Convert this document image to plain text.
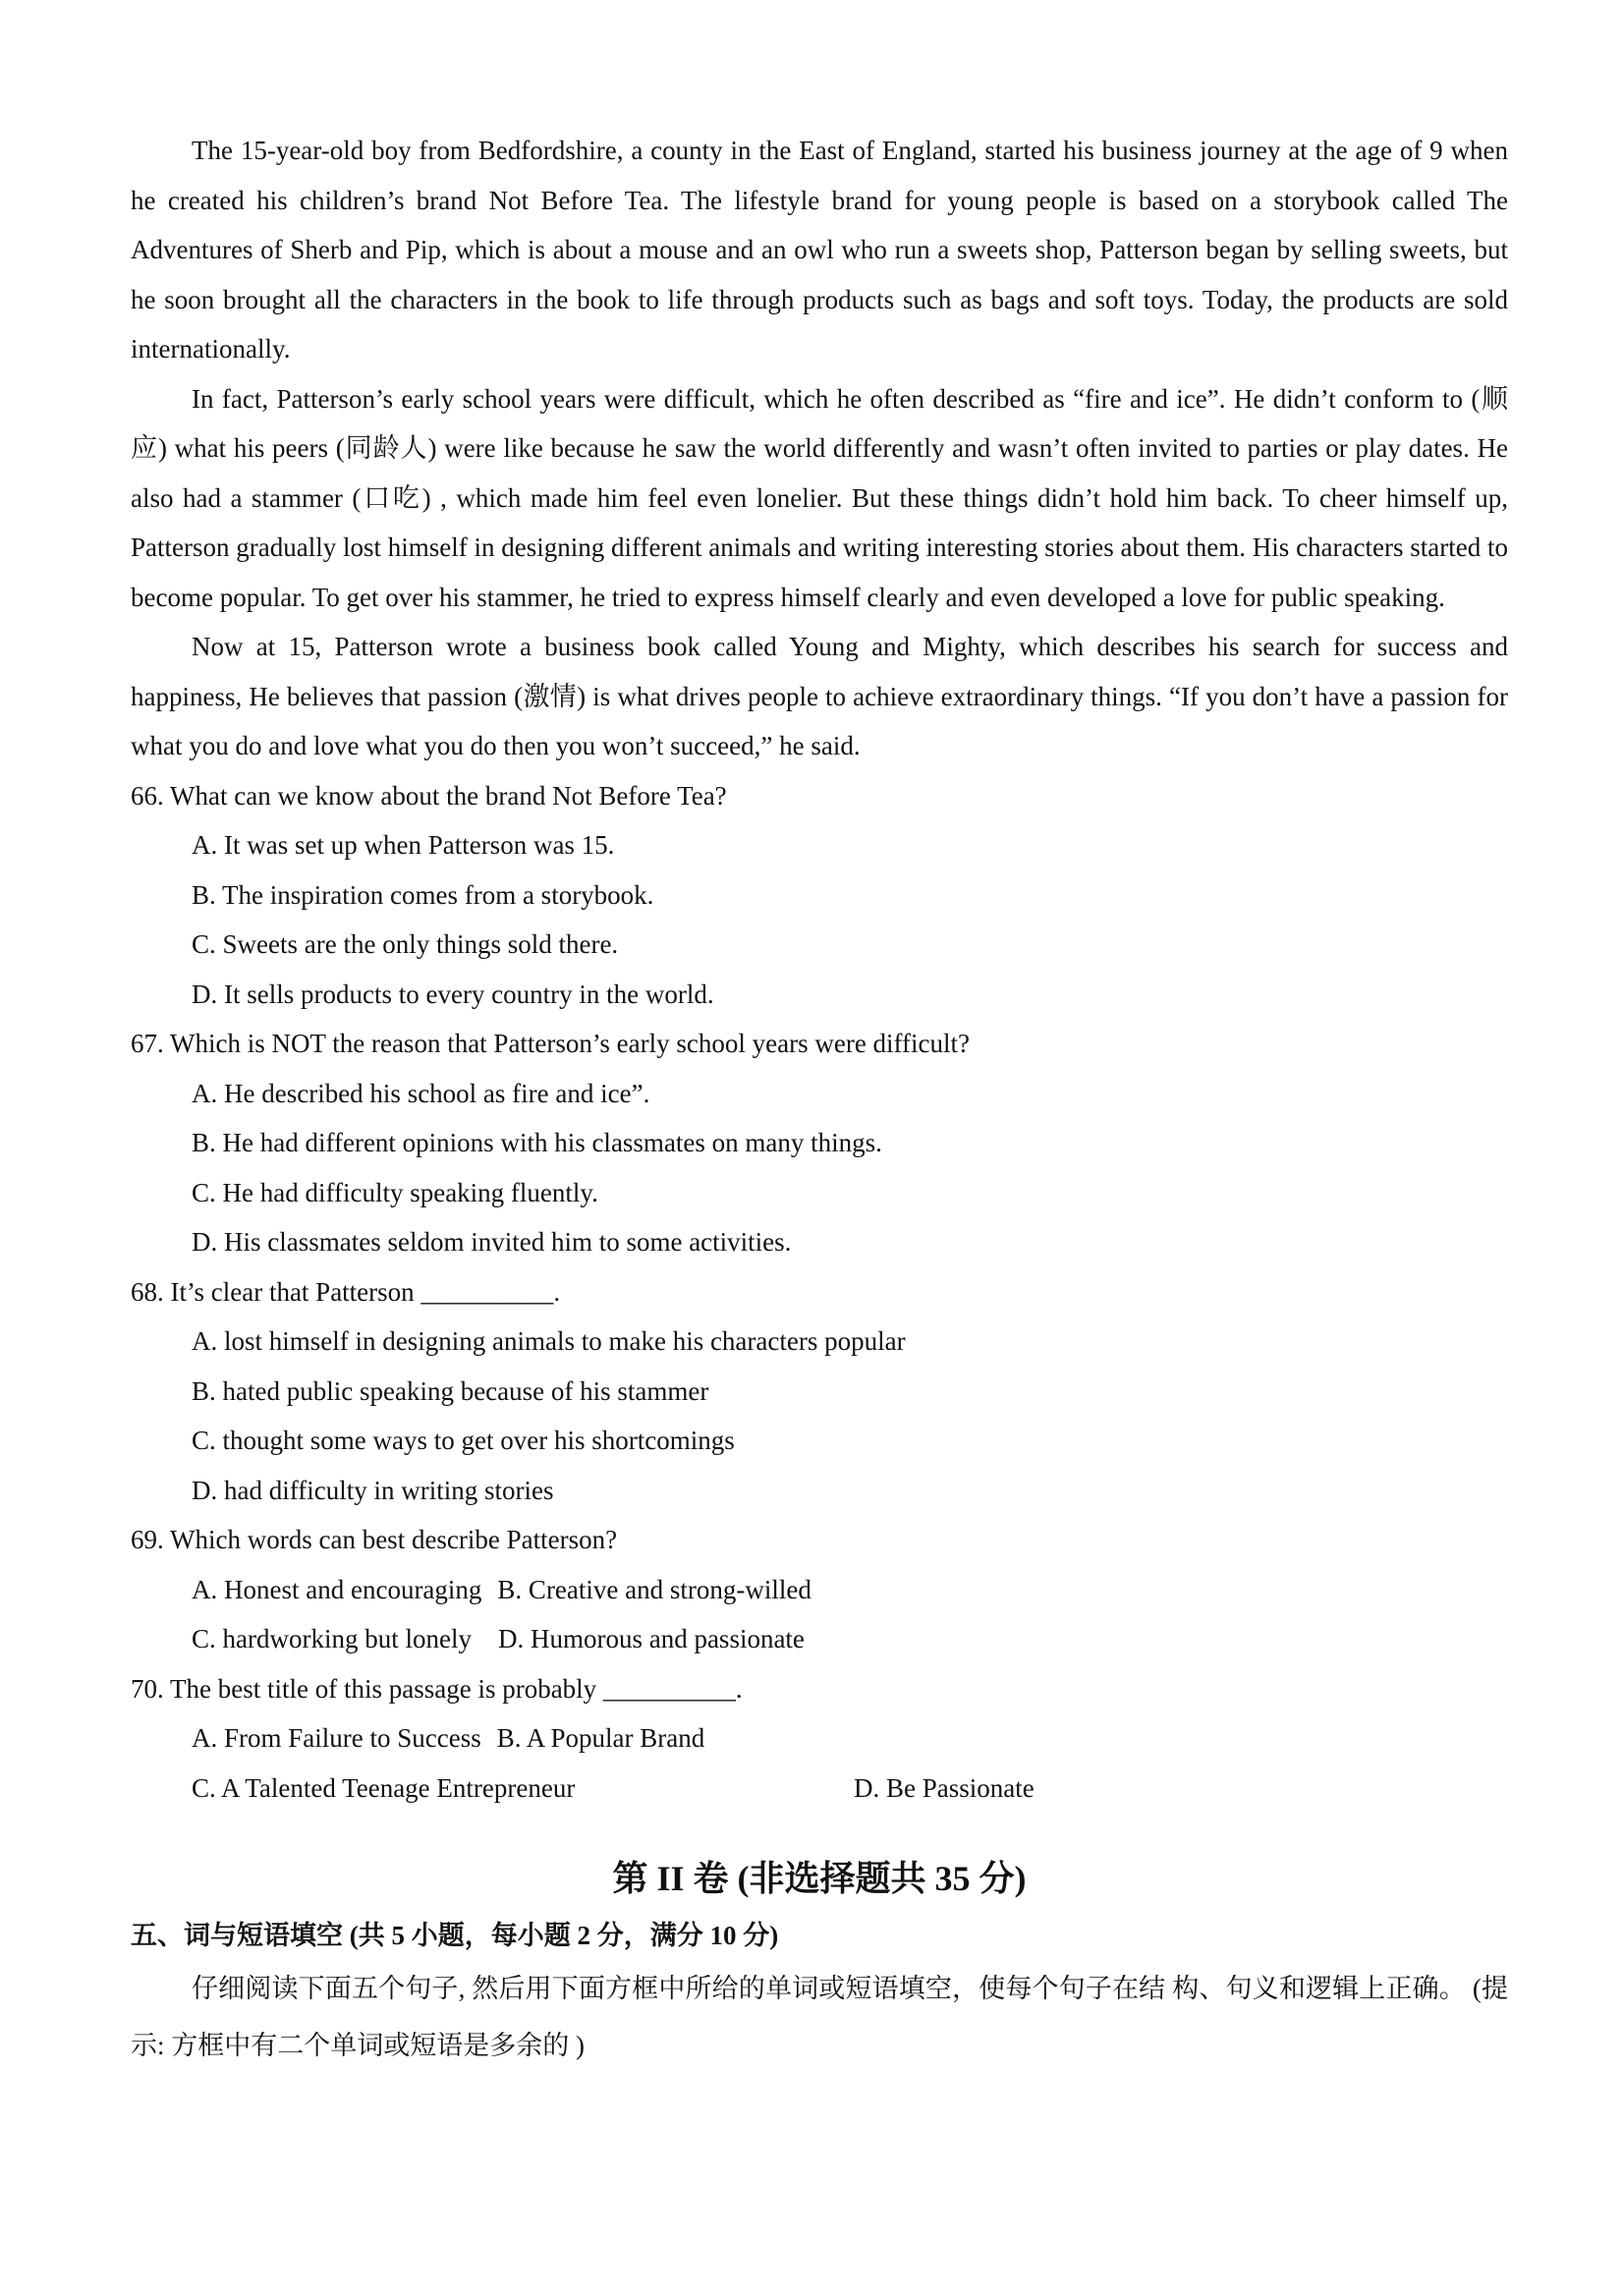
The 15-year-old boy from Bedfordshire, a county in the East of England, started his business journey at the age of 9 when he created his children’s brand Not Before Tea. The lifestyle brand for young people is based on a storybook called The Adventures of Sherb and Pip, which is about a mouse and an owl who run a sweets shop, Patterson began by selling sweets, but he soon brought all the characters in the book to life through products such as bags and soft toys. Today, the products are sold internationally.

In fact, Patterson’s early school years were difficult, which he often described as “fire and ice”. He didn’t conform to (顺应) what his peers (同龄人) were like because he saw the world differently and wasn’t often invited to parties or play dates. He also had a stammer (口吃) , which made him feel even lonelier. But these things didn’t hold him back. To cheer himself up, Patterson gradually lost himself in designing different animals and writing interesting stories about them. His characters started to become popular. To get over his stammer, he tried to express himself clearly and even developed a love for public speaking.

Now at 15, Patterson wrote a business book called Young and Mighty, which describes his search for success and happiness, He believes that passion (激情) is what drives people to achieve extraordinary things. “If you don’t have a passion for what you do and love what you do then you won’t succeed,” he said.

66. What can we know about the brand Not Before Tea?

A. It was set up when Patterson was 15.

B. The inspiration comes from a storybook.

C. Sweets are the only things sold there.

D. It sells products to every country in the world.

67. Which is NOT the reason that Patterson’s early school years were difficult?

A. He described his school as fire and ice”.

B. He had different opinions with his classmates on many things.

C. He had difficulty speaking fluently.

D. His classmates seldom invited him to some activities.

68. It’s clear that Patterson __________.

A. lost himself in designing animals to make his characters popular

B. hated public speaking because of his stammer

C. thought some ways to get over his shortcomings

D. had difficulty in writing stories

69. Which words can best describe Patterson?

A. Honest and encouraging B. Creative and strong-willed

C. hardworking but lonely D. Humorous and passionate

70. The best title of this passage is probably __________.

A. From Failure to Success B. A Popular Brand

C. A Talented Teenage Entrepreneur	D. Be Passionate

第 II 卷 (非选择题共 35 分)

五、词与短语填空 (共 5 小题，每小题 2 分，满分 10 分)

仔细阅读下面五个句子, 然后用下面方框中所给的单词或短语填空，使每个句子在结 构、句义和逻辑上正确。 (提示: 方框中有二个单词或短语是多余的 )
